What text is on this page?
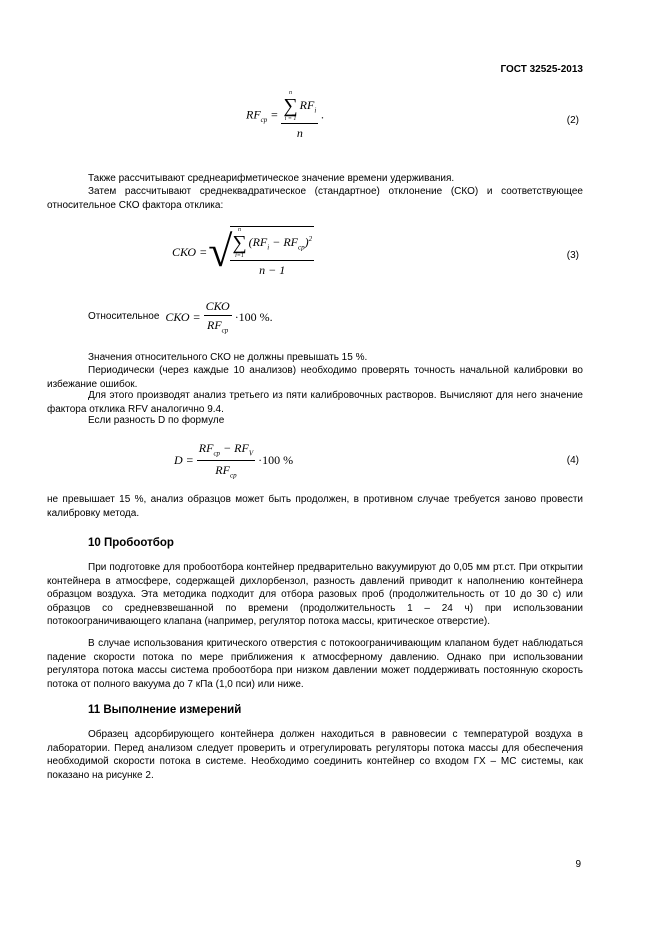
ГОСТ 32525-2013
$RF_{ср} = n$
∑
i = 1
$RF_i$
n .	(2)

Также рассчитывают среднеарифметическое значение времени удерживания.

Затем рассчитывают среднеквадратическое (стандартное) отклонение (СКО) и соответствующее относительное СКО фактора отклика:

СКО
= √
n
∑
i=1
$(RF_i - RF_{ср})^2$
n − 1	(3)
Относительное СКО = $\frac{\text{СКО}}{RF_{ср}} \cdot 100$ %.

Значения относительного СКО не должны превышать 15 %.

Периодически (через каждые 10 анализов) необходимо проверять точность начальной калибровки во избежание ошибок.

Для этого производят анализ третьего из пяти калибровочных растворов. Вычисляют для него значение фактора отклика RFV аналогично 9.4.

Если разность D по формуле

$D = \frac{RF_{ср} - RF_V}{RF_{ср}} \cdot 100$ %	(4)

не превышает 15 %, анализ образцов может быть продолжен, в противном случае требуется заново провести калибровку метода.

10 Пробоотбор

При подготовке для пробоотбора контейнер предварительно вакуумируют до 0,05 мм рт.ст. При открытии контейнера в атмосфере, содержащей дихлорбензол, разность давлений приводит к наполнению контейнера образцом воздуха. Эта методика подходит для отбора разовых проб (продолжительность от 10 до 30 с) или образцов со средневзвешанной по времени (продолжительность 1 – 24 ч) при использовании потокоограничивающего клапана (например, регулятор потока массы, критическое отверстие).

В случае использования критического отверстия с потокоограничивающим клапаном будет наблюдаться падение скорости потока по мере приближения к атмосферному давлению. Однако при использовании регулятора потока массы система пробоотбора при низком давлении может поддерживать постоянную скорость потока от полного вакуума до 7 кПа (1,0 пси) или ниже.

11 Выполнение измерений

Образец адсорбирующего контейнера должен находиться в равновесии с температурой воздуха в лаборатории. Перед анализом следует проверить и отрегулировать регуляторы потока массы для обеспечения необходимой скорости потока в системе. Необходимо соединить контейнер со входом ГХ – МС системы, как показано на рисунке 2.

9
